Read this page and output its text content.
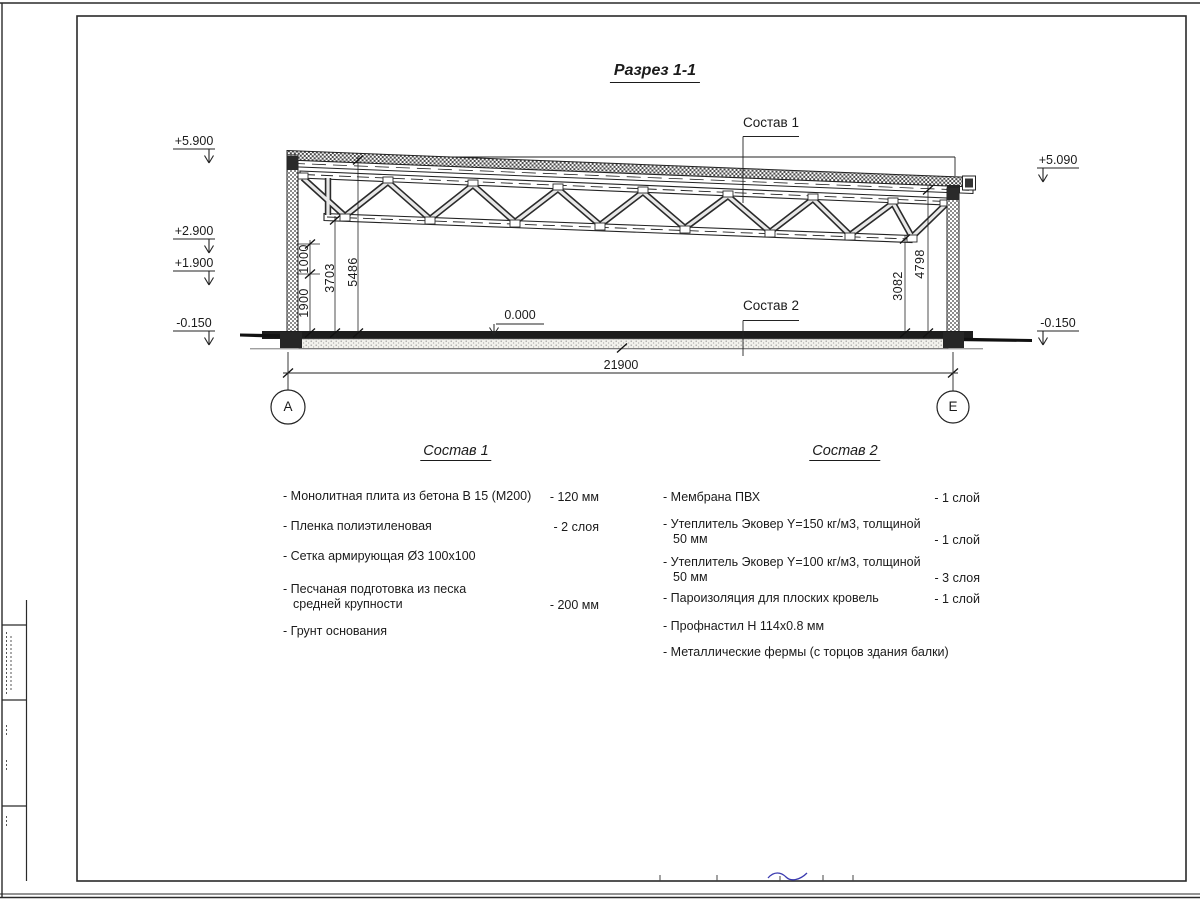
Разрез 1-1
Состав 1
Состав 2
0.000
21900
+5.900
+2.900
+1.900
-0.150
+5.090
-0.150
1900
1000
3703 5486	3082
4798
А	Е
Состав 1
- Монолитная плита из бетона В 15 (М200) - 120 мм
- Пленка полиэтиленовая	- 2 слоя
- Сетка армирующая Ø3 100х100
- Песчаная подготовка из песка средней крупности	- 200 мм
- Грунт основания
Состав 2
- Мембрана ПВХ	- 1 слой
- Утеплитель Эковер Y=150 кг/м3, толщиной 50 мм	- 1 слой
- Утеплитель Эковер Y=100 кг/м3, толщиной 50 мм	- 3 слоя
- Пароизоляция для плоских кровель	- 1 слой
- Профнастил Н 114х0.8 мм
- Металлические фермы (с торцов здания балки)
